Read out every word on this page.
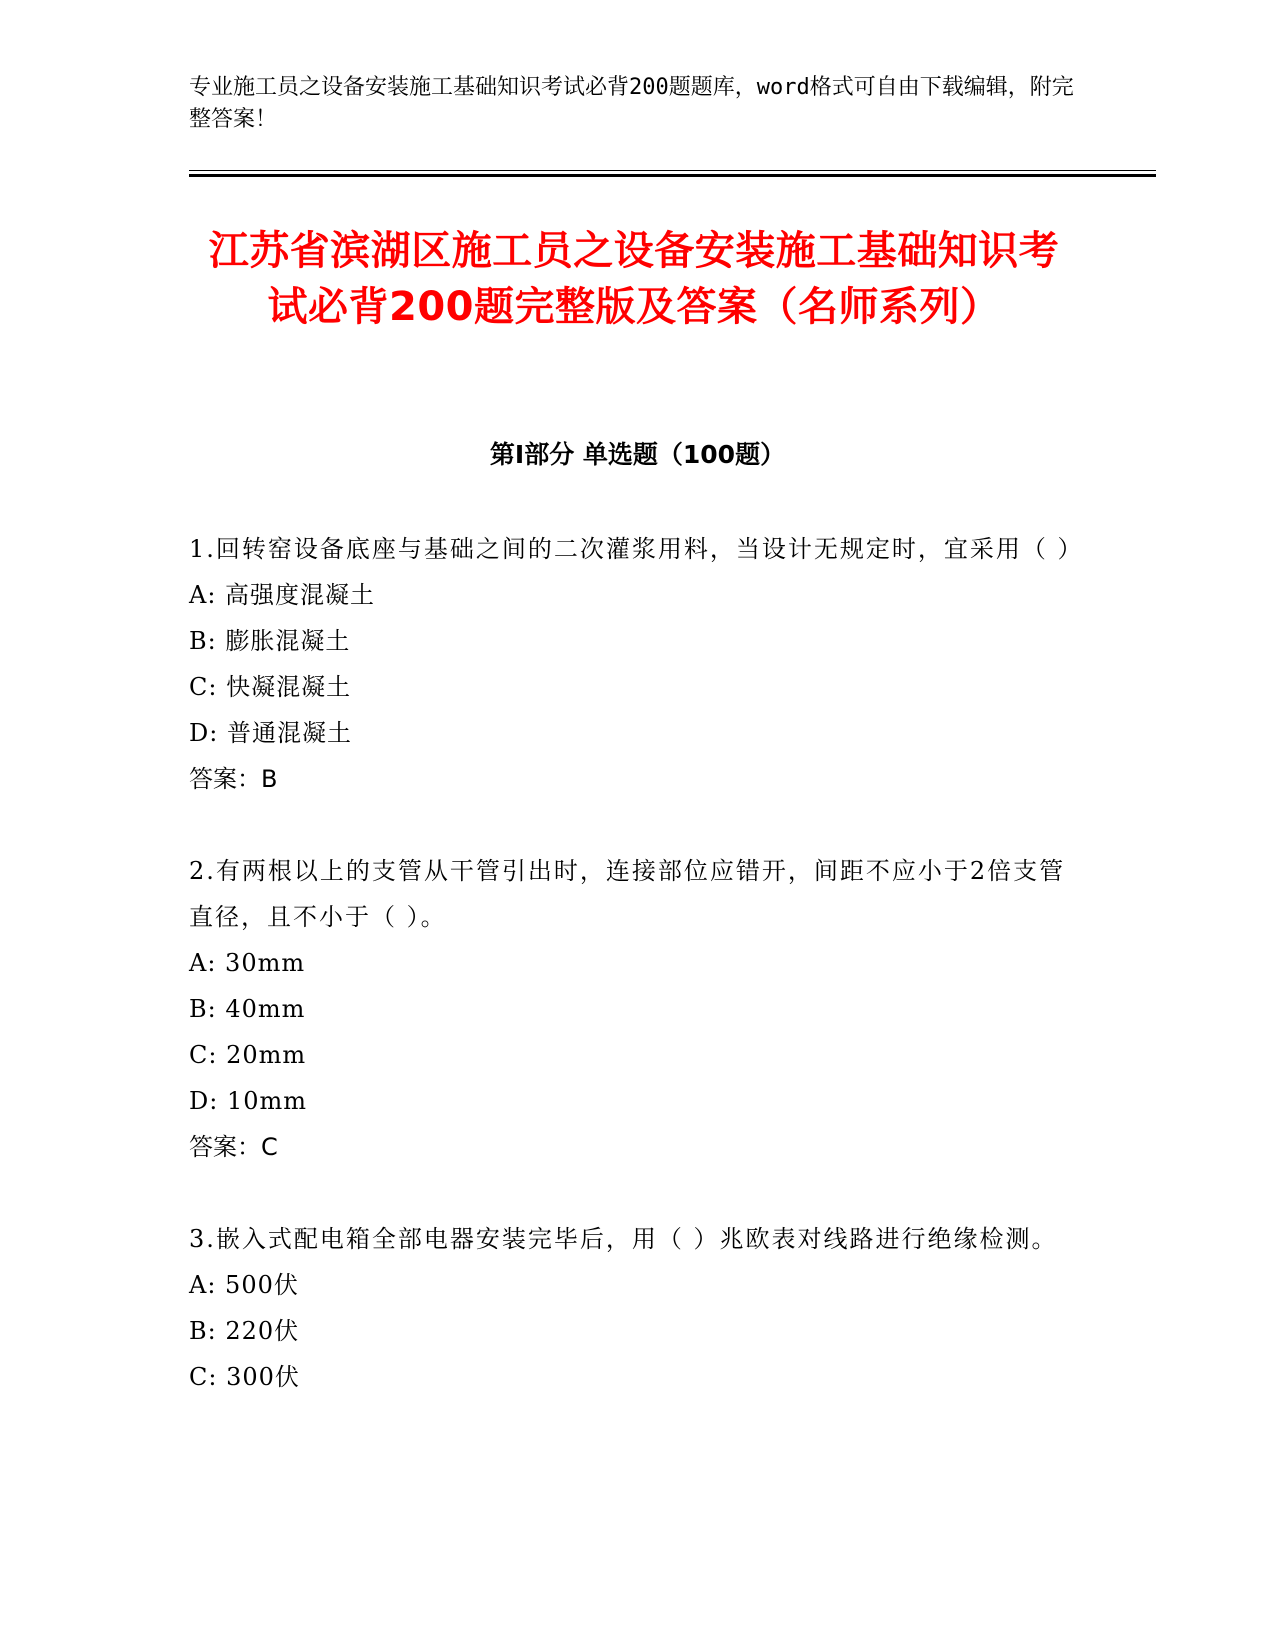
专业施工员之设备安装施工基础知识考试必背200题题库，word格式可自由下载编辑，附完整答案！
江苏省滨湖区施工员之设备安装施工基础知识考试必背200题完整版及答案（名师系列）
第Ⅰ部分 单选题（100题）
1.回转窑设备底座与基础之间的二次灌浆用料，当设计无规定时，宜采用（ ）
A: 高强度混凝土
B: 膨胀混凝土
C: 快凝混凝土
D: 普通混凝土
答案：B
2.有两根以上的支管从干管引出时，连接部位应错开，间距不应小于2倍支管直径，且不小于（ ）。
A: 30mm
B: 40mm
C: 20mm
D: 10mm
答案：C
3.嵌入式配电箱全部电器安装完毕后，用（ ）兆欧表对线路进行绝缘检测。
A: 500伏
B: 220伏
C: 300伏
